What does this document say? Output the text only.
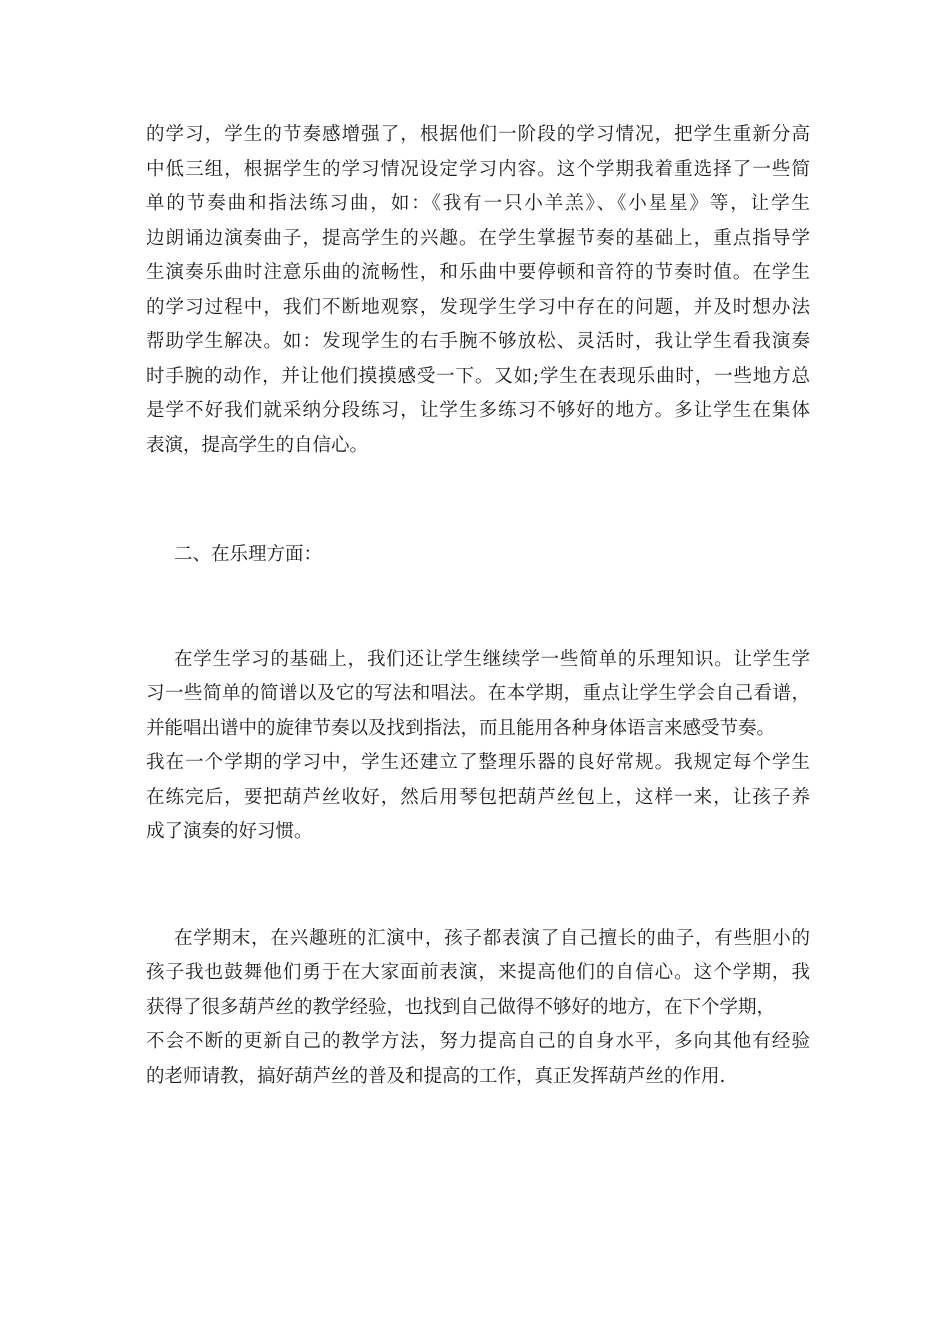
的学习，学生的节奏感增强了，根据他们一阶段的学习情况，把学生重新分高
中低三组，根据学生的学习情况设定学习内容。这个学期我着重选择了一些简
单的节奏曲和指法练习曲，如：《我有一只小羊羔》、《小星星》等，让学生
边朗诵边演奏曲子，提高学生的兴趣。在学生掌握节奏的基础上，重点指导学
生演奏乐曲时注意乐曲的流畅性，和乐曲中要停顿和音符的节奏时值。在学生
的学习过程中，我们不断地观察，发现学生学习中存在的问题，并及时想办法
帮助学生解决。如：发现学生的右手腕不够放松、灵活时，我让学生看我演奏
时手腕的动作，并让他们摸摸感受一下。又如;学生在表现乐曲时，一些地方总
是学不好我们就采纳分段练习，让学生多练习不够好的地方。多让学生在集体
表演，提高学生的自信心。
二、在乐理方面：
在学生学习的基础上，我们还让学生继续学一些简单的乐理知识。让学生学
习一些简单的简谱以及它的写法和唱法。在本学期，重点让学生学会自己看谱，
并能唱出谱中的旋律节奏以及找到指法，而且能用各种身体语言来感受节奏。
我在一个学期的学习中，学生还建立了整理乐器的良好常规。我规定每个学生
在练完后，要把葫芦丝收好，然后用琴包把葫芦丝包上，这样一来，让孩子养
成了演奏的好习惯。
在学期末，在兴趣班的汇演中，孩子都表演了自己擅长的曲子，有些胆小的
孩子我也鼓舞他们勇于在大家面前表演，来提高他们的自信心。这个学期，我
获得了很多葫芦丝的教学经验，也找到自己做得不够好的地方，在下个学期，
不会不断的更新自己的教学方法，努力提高自己的自身水平，多向其他有经验
的老师请教，搞好葫芦丝的普及和提高的工作，真正发挥葫芦丝的作用.
